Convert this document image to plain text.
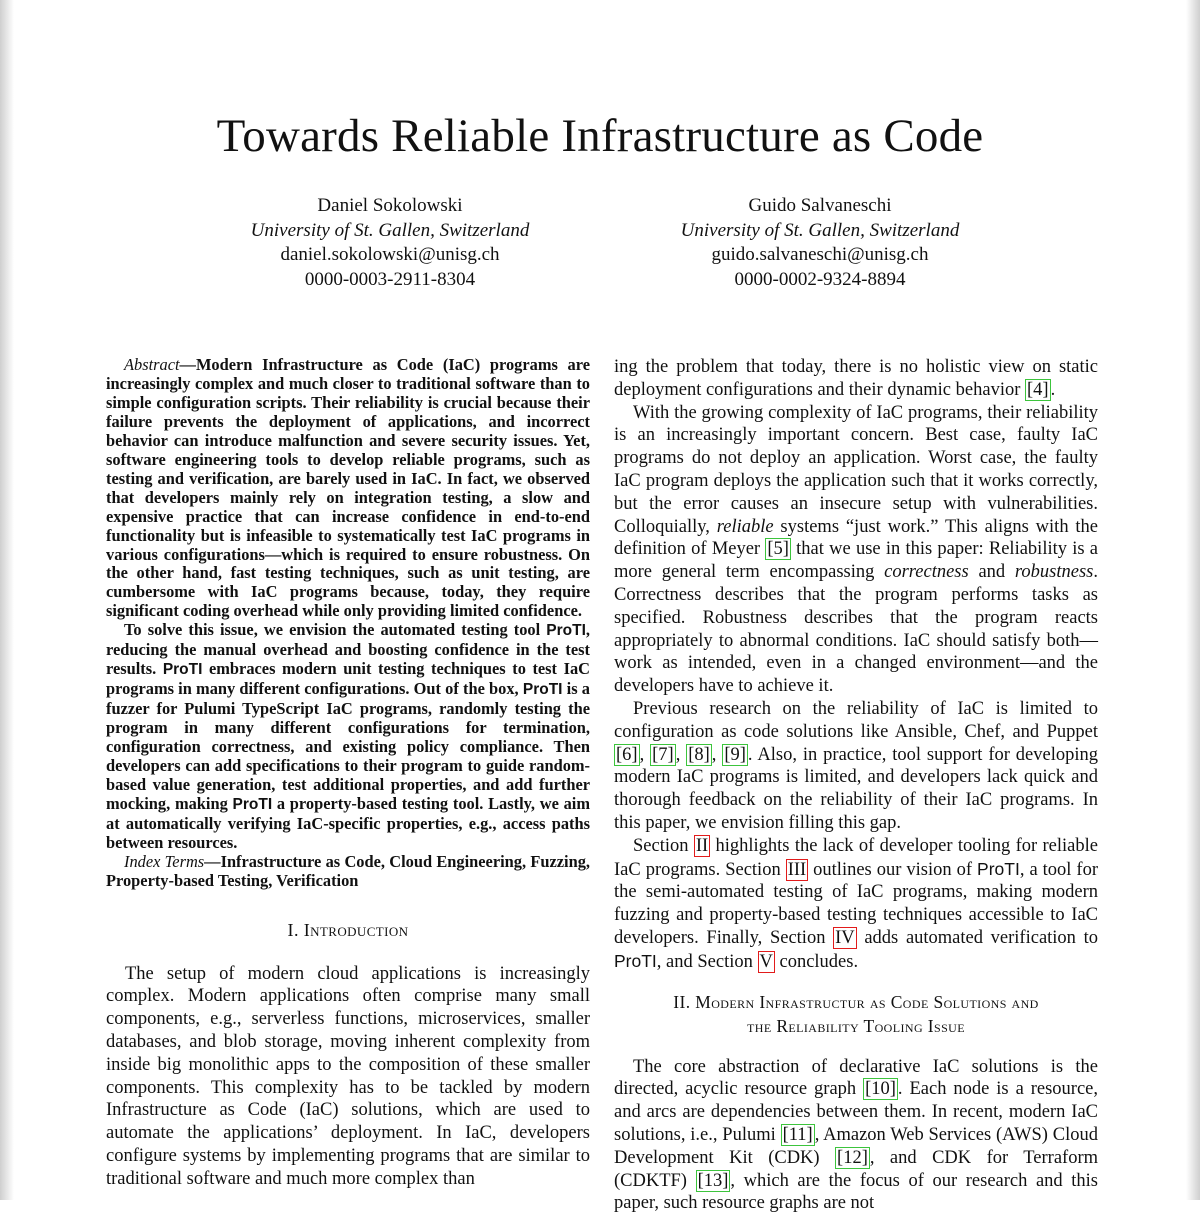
Towards Reliable Infrastructure as Code
Daniel Sokolowski
University of St. Gallen, Switzerland
daniel.sokolowski@unisg.ch
0000-0003-2911-8304
Guido Salvaneschi
University of St. Gallen, Switzerland
guido.salvaneschi@unisg.ch
0000-0002-9324-8894

Abstract—Modern Infrastructure as Code (IaC) programs are increasingly complex and much closer to traditional software than to simple configuration scripts. Their reliability is crucial because their failure prevents the deployment of applications, and incorrect behavior can introduce malfunction and severe security issues. Yet, software engineering tools to develop reliable programs, such as testing and verification, are barely used in IaC. In fact, we observed that developers mainly rely on integration testing, a slow and expensive practice that can increase confidence in end-to-end functionality but is infeasible to systematically test IaC programs in various configurations—which is required to ensure robustness. On the other hand, fast testing techniques, such as unit testing, are cumbersome with IaC programs because, today, they require significant coding overhead while only providing limited confidence.

To solve this issue, we envision the automated testing tool ProTI, reducing the manual overhead and boosting confidence in the test results. ProTI embraces modern unit testing techniques to test IaC programs in many different configurations. Out of the box, ProTI is a fuzzer for Pulumi TypeScript IaC programs, randomly testing the program in many different configurations for termination, configuration correctness, and existing policy compliance. Then developers can add specifications to their program to guide random-based value generation, test additional properties, and add further mocking, making ProTI a property-based testing tool. Lastly, we aim at automatically verifying IaC-specific properties, e.g., access paths between resources.

Index Terms—Infrastructure as Code, Cloud Engineering, Fuzzing, Property-based Testing, Verification

I. Introduction

The setup of modern cloud applications is increasingly complex. Modern applications often comprise many small components, e.g., serverless functions, microservices, smaller databases, and blob storage, moving inherent complexity from inside big monolithic apps to the composition of these smaller components. This complexity has to be tackled by modern Infrastructure as Code (IaC) solutions, which are used to automate the applications’ deployment. In IaC, developers configure systems by implementing programs that are similar to traditional software and much more complex than

ing the problem that today, there is no holistic view on static deployment configurations and their dynamic behavior [4] .

With the growing complexity of IaC programs, their reliability is an increasingly important concern. Best case, faulty IaC programs do not deploy an application. Worst case, the faulty IaC program deploys the application such that it works correctly, but the error causes an insecure setup with vulnerabilities. Colloquially, reliable systems “just work.” This aligns with the definition of Meyer [5] that we use in this paper: Reliability is a more general term encompassing correctness and robustness. Correctness describes that the program performs tasks as specified. Robustness describes that the program reacts appropriately to abnormal conditions. IaC should satisfy both—work as intended, even in a changed environment—and the developers have to achieve it.

Previous research on the reliability of IaC is limited to configuration as code solutions like Ansible, Chef, and Puppet [6] , [7] , [8] , [9] . Also, in practice, tool support for developing modern IaC programs is limited, and developers lack quick and thorough feedback on the reliability of their IaC programs. In this paper, we envision filling this gap.

Section II highlights the lack of developer tooling for reliable IaC programs. Section III outlines our vision of ProTI, a tool for the semi-automated testing of IaC programs, making modern fuzzing and property-based testing techniques accessible to IaC developers. Finally, Section IV adds automated verification to ProTI, and Section V concludes.

II. Modern Infrastructur as Code Solutions and
the Reliability Tooling Issue

The core abstraction of declarative IaC solutions is the directed, acyclic resource graph [10] . Each node is a resource, and arcs are dependencies between them. In recent, modern IaC solutions, i.e., Pulumi [11] , Amazon Web Services (AWS) Cloud Development Kit (CDK) [12] , and CDK for Terraform (CDKTF) [13] , which are the focus of our research and this paper, such resource graphs are not
